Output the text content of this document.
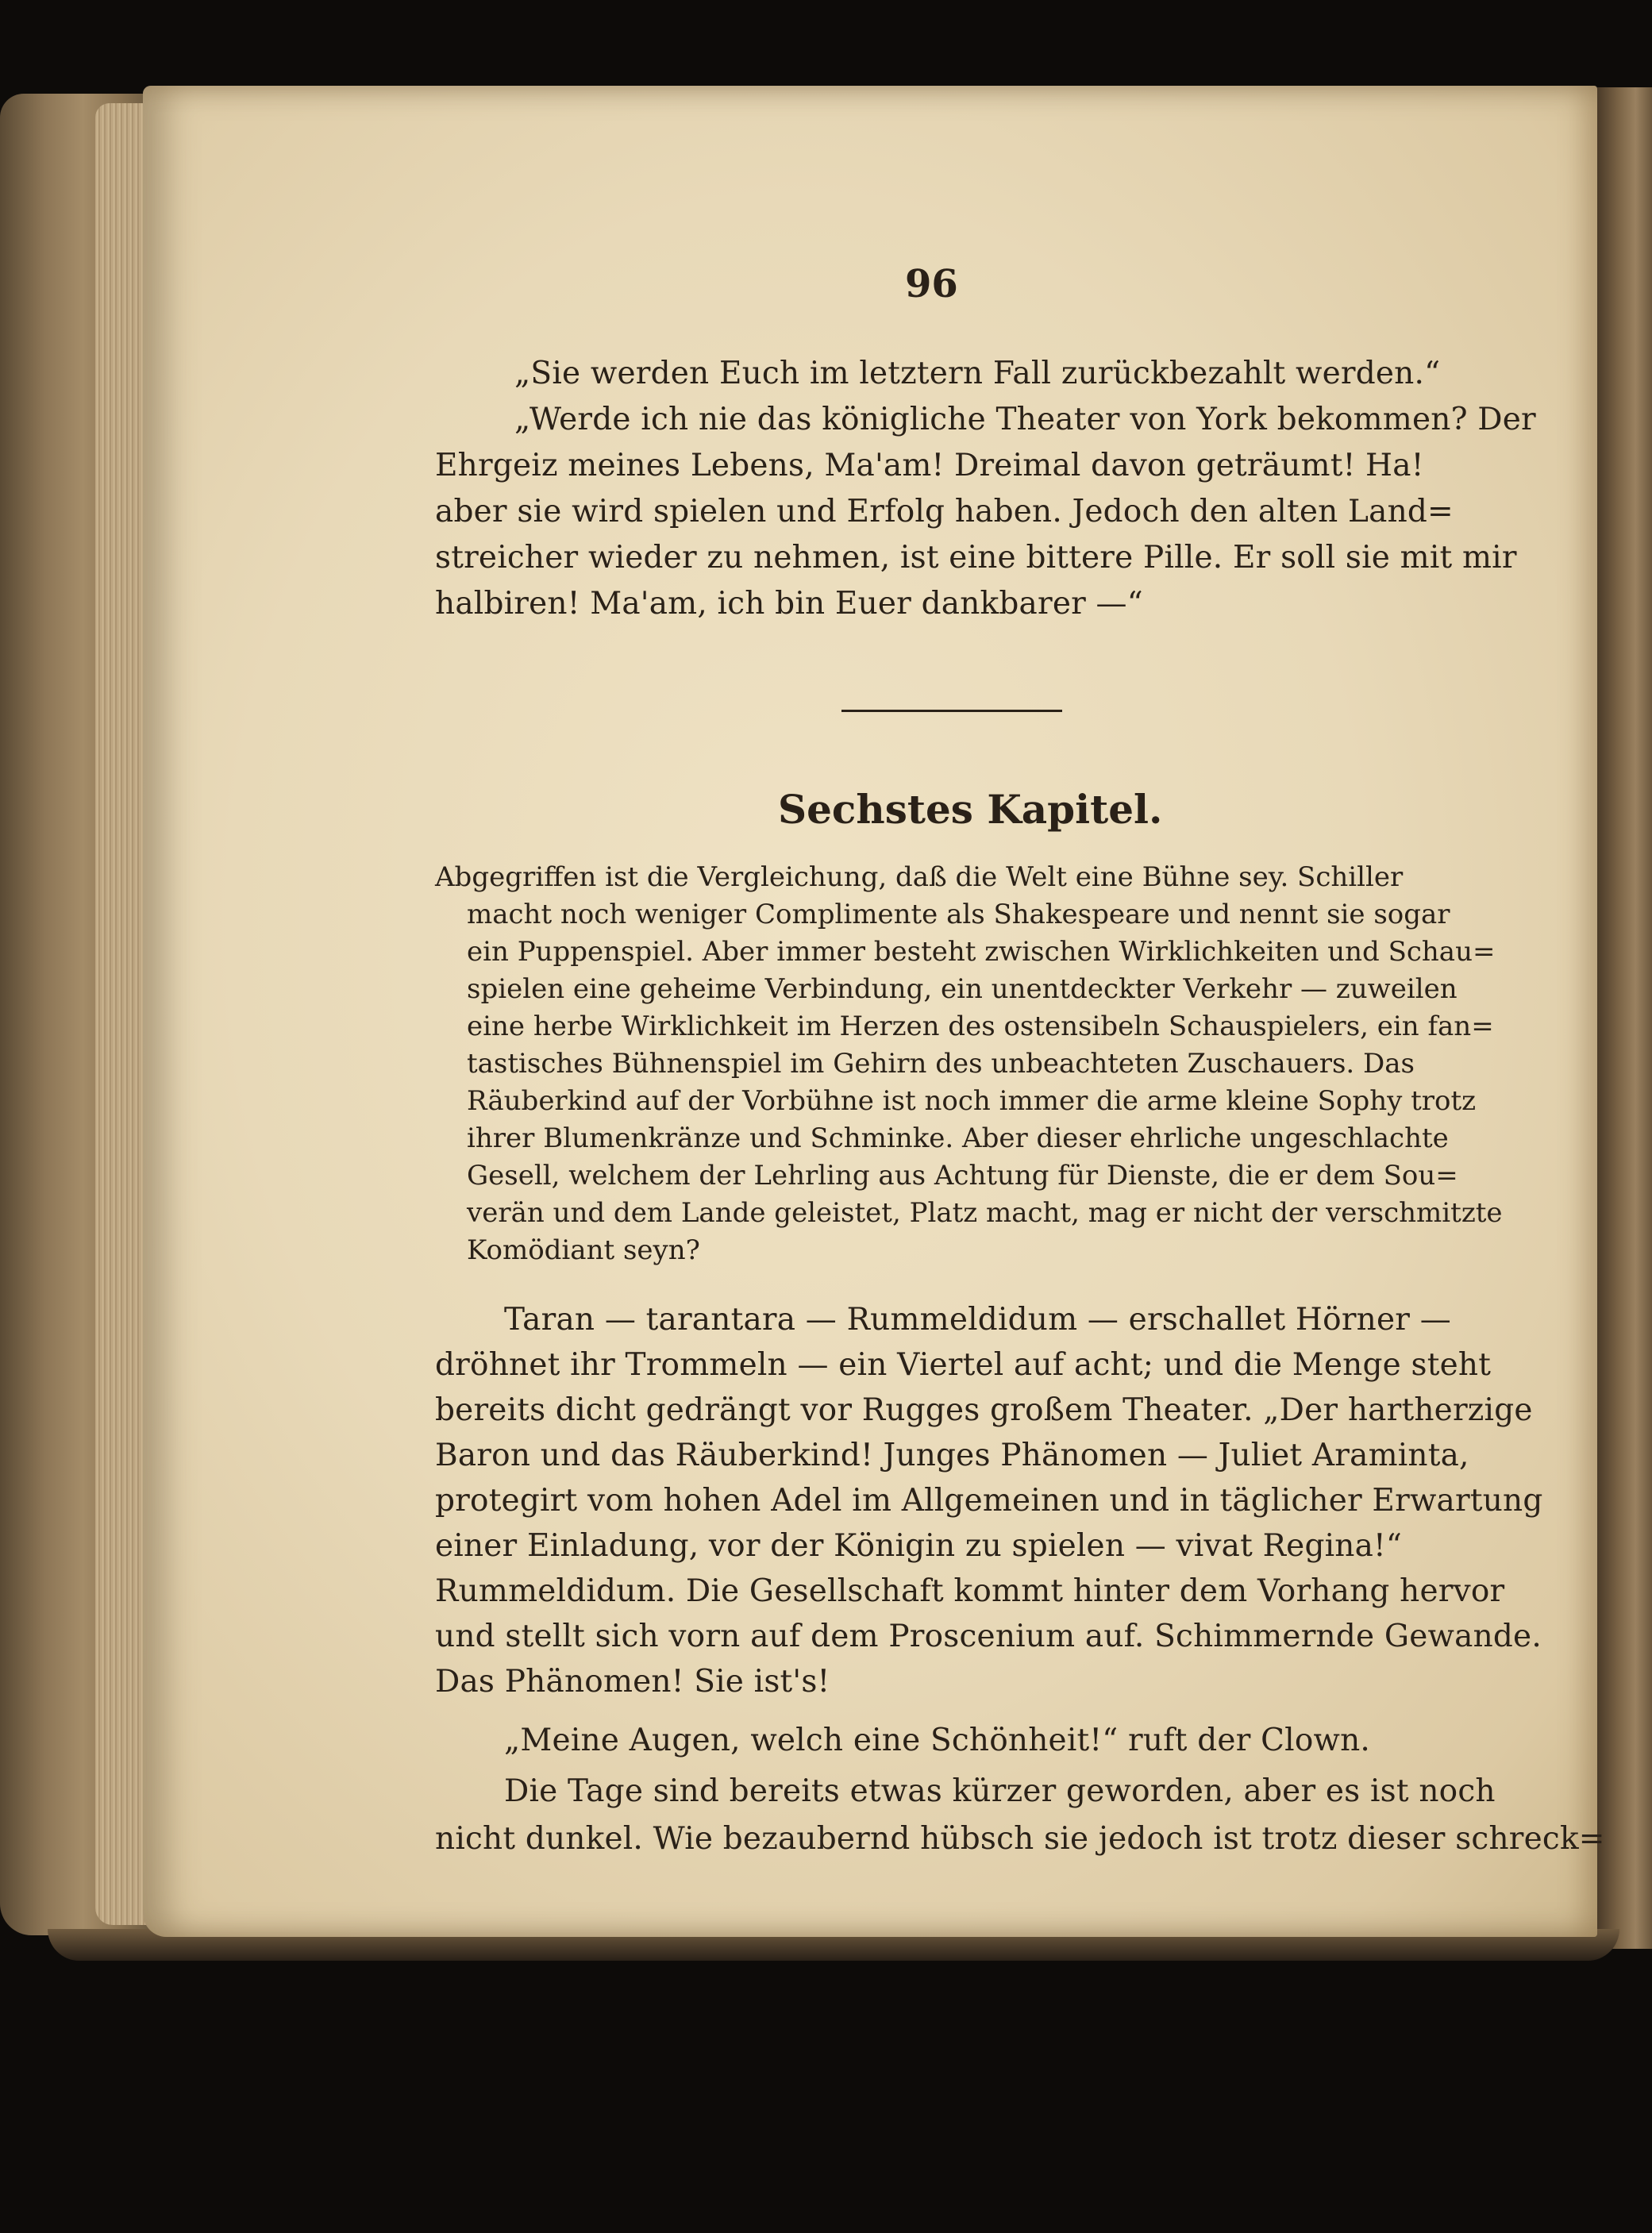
96
„Sie werden Euch im letztern Fall zurückbezahlt werden.“
„Werde ich nie das königliche Theater von York bekommen? Der
Ehrgeiz meines Lebens, Ma'am! Dreimal davon geträumt! Ha!
aber sie wird spielen und Erfolg haben. Jedoch den alten Land=
streicher wieder zu nehmen, ist eine bittere Pille. Er soll sie mit mir
halbiren! Ma'am, ich bin Euer dankbarer —“
Sechstes Kapitel.
Abgegriffen ist die Vergleichung, daß die Welt eine Bühne sey. Schiller
macht noch weniger Complimente als Shakespeare und nennt sie sogar
ein Puppenspiel. Aber immer besteht zwischen Wirklichkeiten und Schau=
spielen eine geheime Verbindung, ein unentdeckter Verkehr — zuweilen
eine herbe Wirklichkeit im Herzen des ostensibeln Schauspielers, ein fan=
tastisches Bühnenspiel im Gehirn des unbeachteten Zuschauers. Das
Räuberkind auf der Vorbühne ist noch immer die arme kleine Sophy trotz
ihrer Blumenkränze und Schminke. Aber dieser ehrliche ungeschlachte
Gesell, welchem der Lehrling aus Achtung für Dienste, die er dem Sou=
verän und dem Lande geleistet, Platz macht, mag er nicht der verschmitzte
Komödiant seyn?
Taran — tarantara — Rummeldidum — erschallet Hörner —
dröhnet ihr Trommeln — ein Viertel auf acht; und die Menge steht
bereits dicht gedrängt vor Rugges großem Theater. „Der hartherzige
Baron und das Räuberkind! Junges Phänomen — Juliet Araminta,
protegirt vom hohen Adel im Allgemeinen und in täglicher Erwartung
einer Einladung, vor der Königin zu spielen — vivat Regina!“
Rummeldidum. Die Gesellschaft kommt hinter dem Vorhang hervor
und stellt sich vorn auf dem Proscenium auf. Schimmernde Gewande.
Das Phänomen! Sie ist's!
„Meine Augen, welch eine Schönheit!“ ruft der Clown.
Die Tage sind bereits etwas kürzer geworden, aber es ist noch
nicht dunkel. Wie bezaubernd hübsch sie jedoch ist trotz dieser schreck=
